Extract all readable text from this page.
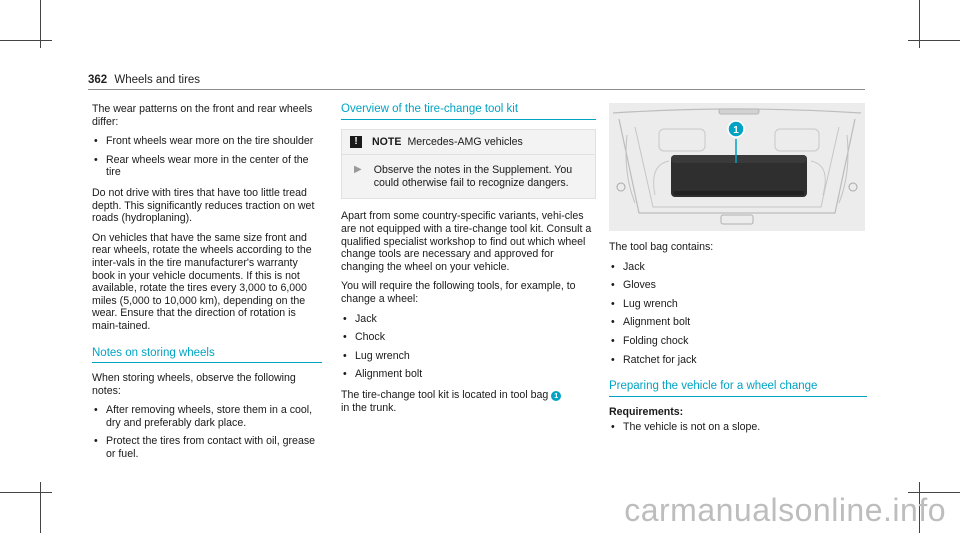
362 Wheels and tires

The wear patterns on the front and rear wheels differ:

• Front wheels wear more on the tire shoulder
• Rear wheels wear more in the center of the tire

Do not drive with tires that have too little tread depth. This significantly reduces traction on wet roads (hydroplaning).

On vehicles that have the same size front and rear wheels, rotate the wheels according to the inter-vals in the tire manufacturer's warranty book in your vehicle documents. If this is not available, rotate the tires every 3,000 to 6,000 miles (5,000 to 10,000 km), depending on the wear. Ensure that the direction of rotation is main-tained.

Notes on storing wheels

When storing wheels, observe the following notes:

• After removing wheels, store them in a cool, dry and preferably dark place.
• Protect the tires from contact with oil, grease or fuel.
Overview of the tire-change tool kit
!	NOTE Mercedes-AMG vehicles
▶ Observe the notes in the Supplement. You could otherwise fail to recognize dangers.

Apart from some country-specific variants, vehi-cles are not equipped with a tire-change tool kit. Consult a qualified specialist workshop to find out which wheel change tools are necessary and approved for changing the wheel on your vehicle.

You will require the following tools, for example, to change a wheel:

• Jack
• Chock
• Lug wrench
• Alignment bolt

The tire-change tool kit is located in tool bag 1
in the trunk.

1

The tool bag contains:

• Jack
• Gloves
• Lug wrench
• Alignment bolt
• Folding chock
• Ratchet for jack
Preparing the vehicle for a wheel change
Requirements:
• The vehicle is not on a slope.
carmanualsonline.info
